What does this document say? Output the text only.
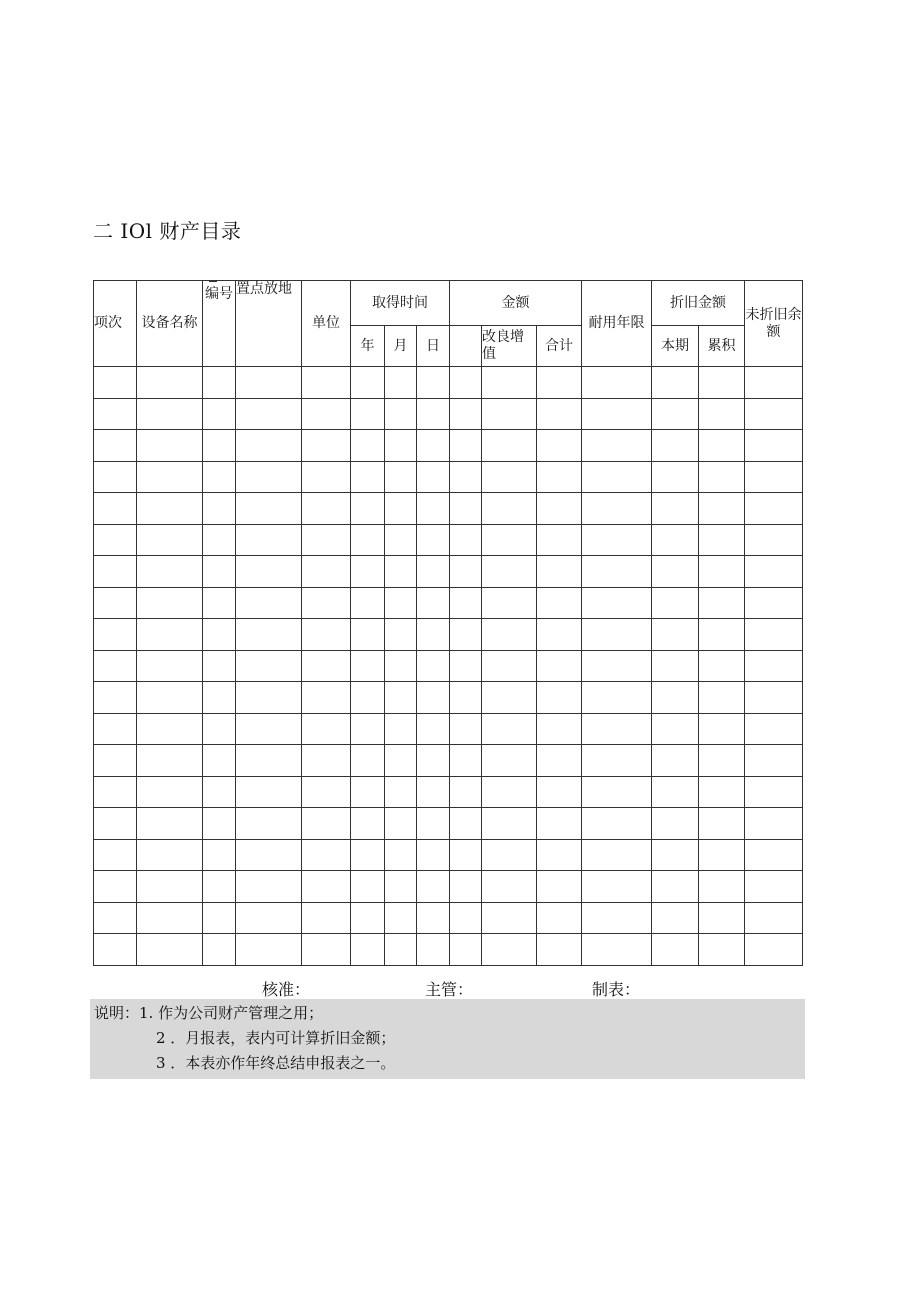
二 IOl 财产目录
项次	设备名称	编号	置点放地	单位	取得时间			金额			耐用年限	折旧金额		未折旧余额	
					年	月	日		改良增值	合计		本期	累积		

核准：	主管：	制表：
说明：1. 作为公司财产管理之用；
2 ．月报表，表内可计算折旧金额；
3 ．本表亦作年终总结申报表之一。
